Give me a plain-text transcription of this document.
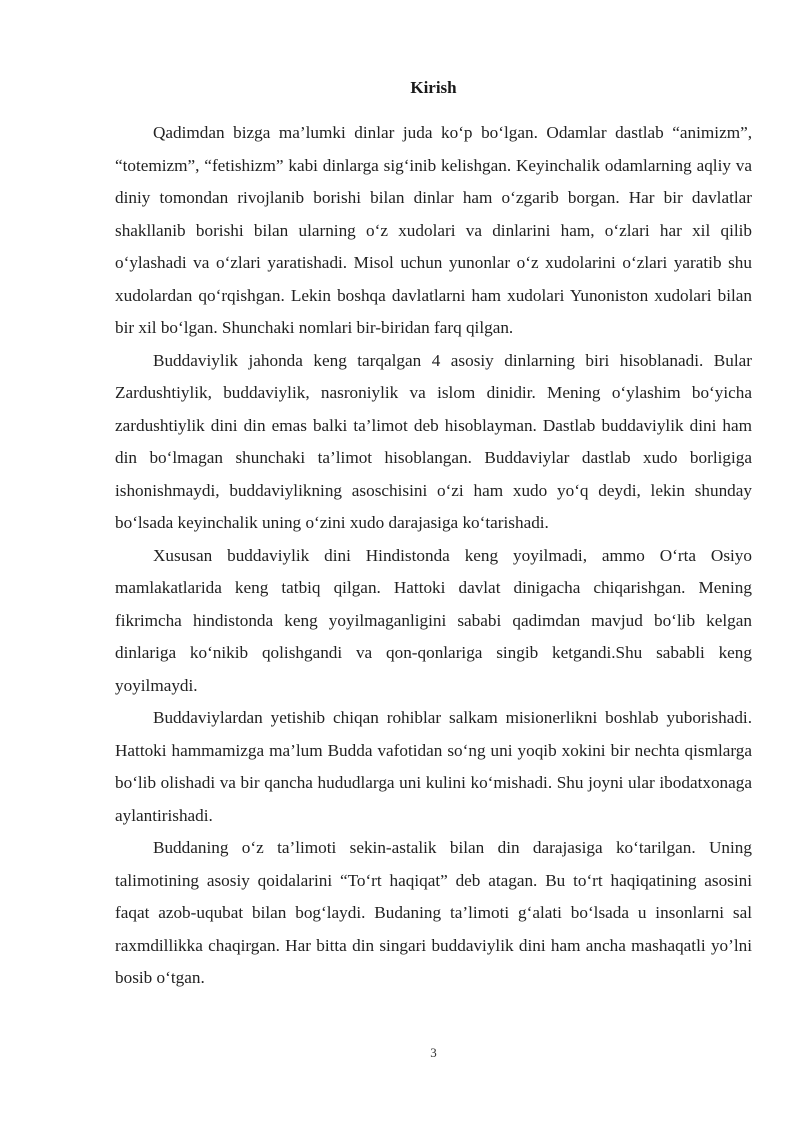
Kirish

Qadimdan bizga ma’lumki dinlar juda ko‘p bo‘lgan. Odamlar dastlab “animizm”, “totemizm”, “fetishizm” kabi dinlarga sig‘inib kelishgan. Keyinchalik odamlarning aqliy va diniy tomondan rivojlanib borishi bilan dinlar ham o‘zgarib borgan. Har bir davlatlar shakllanib borishi bilan ularning o‘z xudolari va dinlarini ham, o‘zlari har xil qilib o‘ylashadi va o‘zlari yaratishadi. Misol uchun yunonlar o‘z xudolarini o‘zlari yaratib shu xudolardan qo‘rqishgan. Lekin boshqa davlatlarni ham xudolari Yunoniston xudolari bilan bir xil bo‘lgan. Shunchaki nomlari bir-biridan farq qilgan.

Buddaviylik jahonda keng tarqalgan 4 asosiy dinlarning biri hisoblanadi. Bular Zardushtiylik, buddaviylik, nasroniylik va islom dinidir. Mening o‘ylashim bo‘yicha zardushtiylik dini din emas balki ta’limot deb hisoblayman. Dastlab buddaviylik dini ham din bo‘lmagan shunchaki ta’limot hisoblangan. Buddaviylar dastlab xudo borligiga ishonishmaydi, buddaviylikning asoschisini o‘zi ham xudo yo‘q deydi, lekin shunday bo‘lsada keyinchalik uning o‘zini xudo darajasiga ko‘tarishadi.

Xususan buddaviylik dini Hindistonda keng yoyilmadi, ammo O‘rta Osiyo mamlakatlarida keng tatbiq qilgan. Hattoki davlat dinigacha chiqarishgan. Mening fikrimcha hindistonda keng yoyilmaganligini sababi qadimdan mavjud bo‘lib kelgan dinlariga ko‘nikib qolishgandi va qon-qonlariga singib ketgandi.Shu sababli keng yoyilmaydi.

Buddaviylardan yetishib chiqan rohiblar salkam misionerlikni boshlab yuborishadi. Hattoki hammamizga ma’lum Budda vafotidan so‘ng uni yoqib xokini bir nechta qismlarga bo‘lib olishadi va bir qancha hududlarga uni kulini ko‘mishadi. Shu joyni ular ibodatxonaga aylantirishadi.

Buddaning o‘z ta’limoti sekin-astalik bilan din darajasiga ko‘tarilgan. Uning talimotining asosiy qoidalarini “To‘rt haqiqat” deb atagan. Bu to‘rt haqiqatining asosini faqat azob-uqubat bilan bog‘laydi. Budaning ta’limoti g‘alati bo‘lsada u insonlarni sal raxmdillikka chaqirgan. Har bitta din singari buddaviylik dini ham ancha mashaqatli yo’lni bosib o‘tgan.

3
